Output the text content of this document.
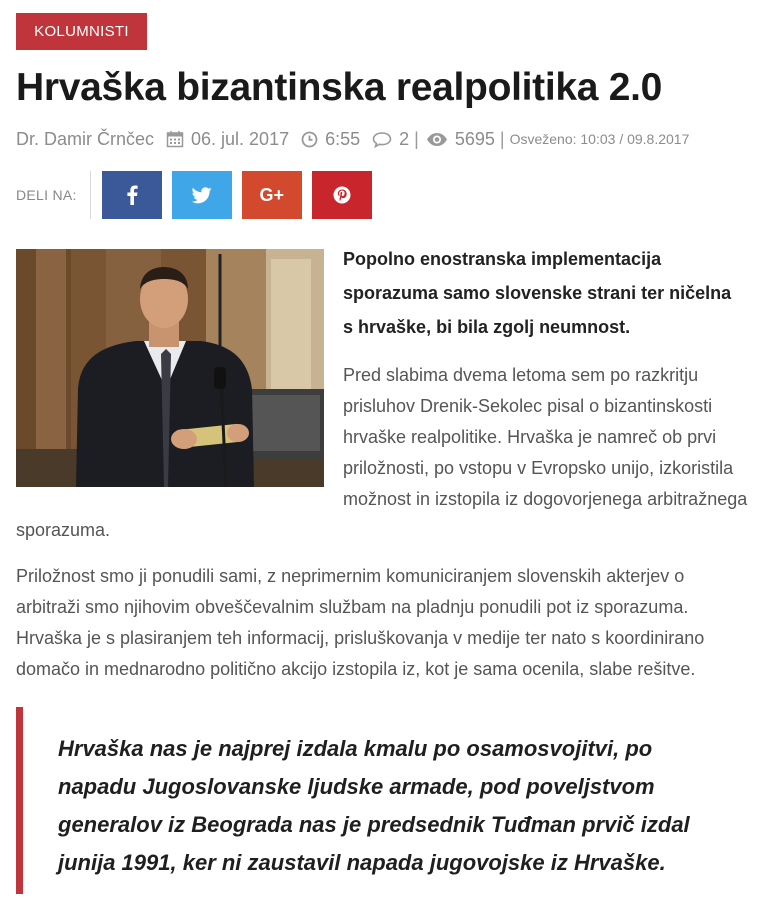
KOLUMNISTI
Hrvaška bizantinska realpolitika 2.0
Dr. Damir Črnčec 06. jul. 2017 6:55 2 | 5695 | Osveženo: 10:03 / 09.8.2017
DELI NA:	G+
Popolno enostranska implementacija
sporazuma samo slovenske strani ter ničelna
s hrvaške, bi bila zgolj neumnost.
Pred slabima dvema letoma sem po razkritju
prisluhov Drenik-Sekolec pisal o bizantinskosti
hrvaške realpolitike. Hrvaška je namreč ob prvi
priložnosti, po vstopu v Evropsko unijo, izkoristila
možnost in izstopila iz dogovorjenega arbitražnega
sporazuma.
Priložnost smo ji ponudili sami, z neprimernim komuniciranjem slovenskih akterjev o
arbitraži smo njihovim obveščevalnim službam na pladnju ponudili pot iz sporazuma.
Hrvaška je s plasiranjem teh informacij, prisluškovanja v medije ter nato s koordinirano
domačo in mednarodno politično akcijo izstopila iz, kot je sama ocenila, slabe rešitve.
Hrvaška nas je najprej izdala kmalu po osamosvojitvi, po
napadu Jugoslovanske ljudske armade, pod poveljstvom
generalov iz Beograda nas je predsednik Tuđman prvič izdal
junija 1991, ker ni zaustavil napada jugovojske iz Hrvaške.
